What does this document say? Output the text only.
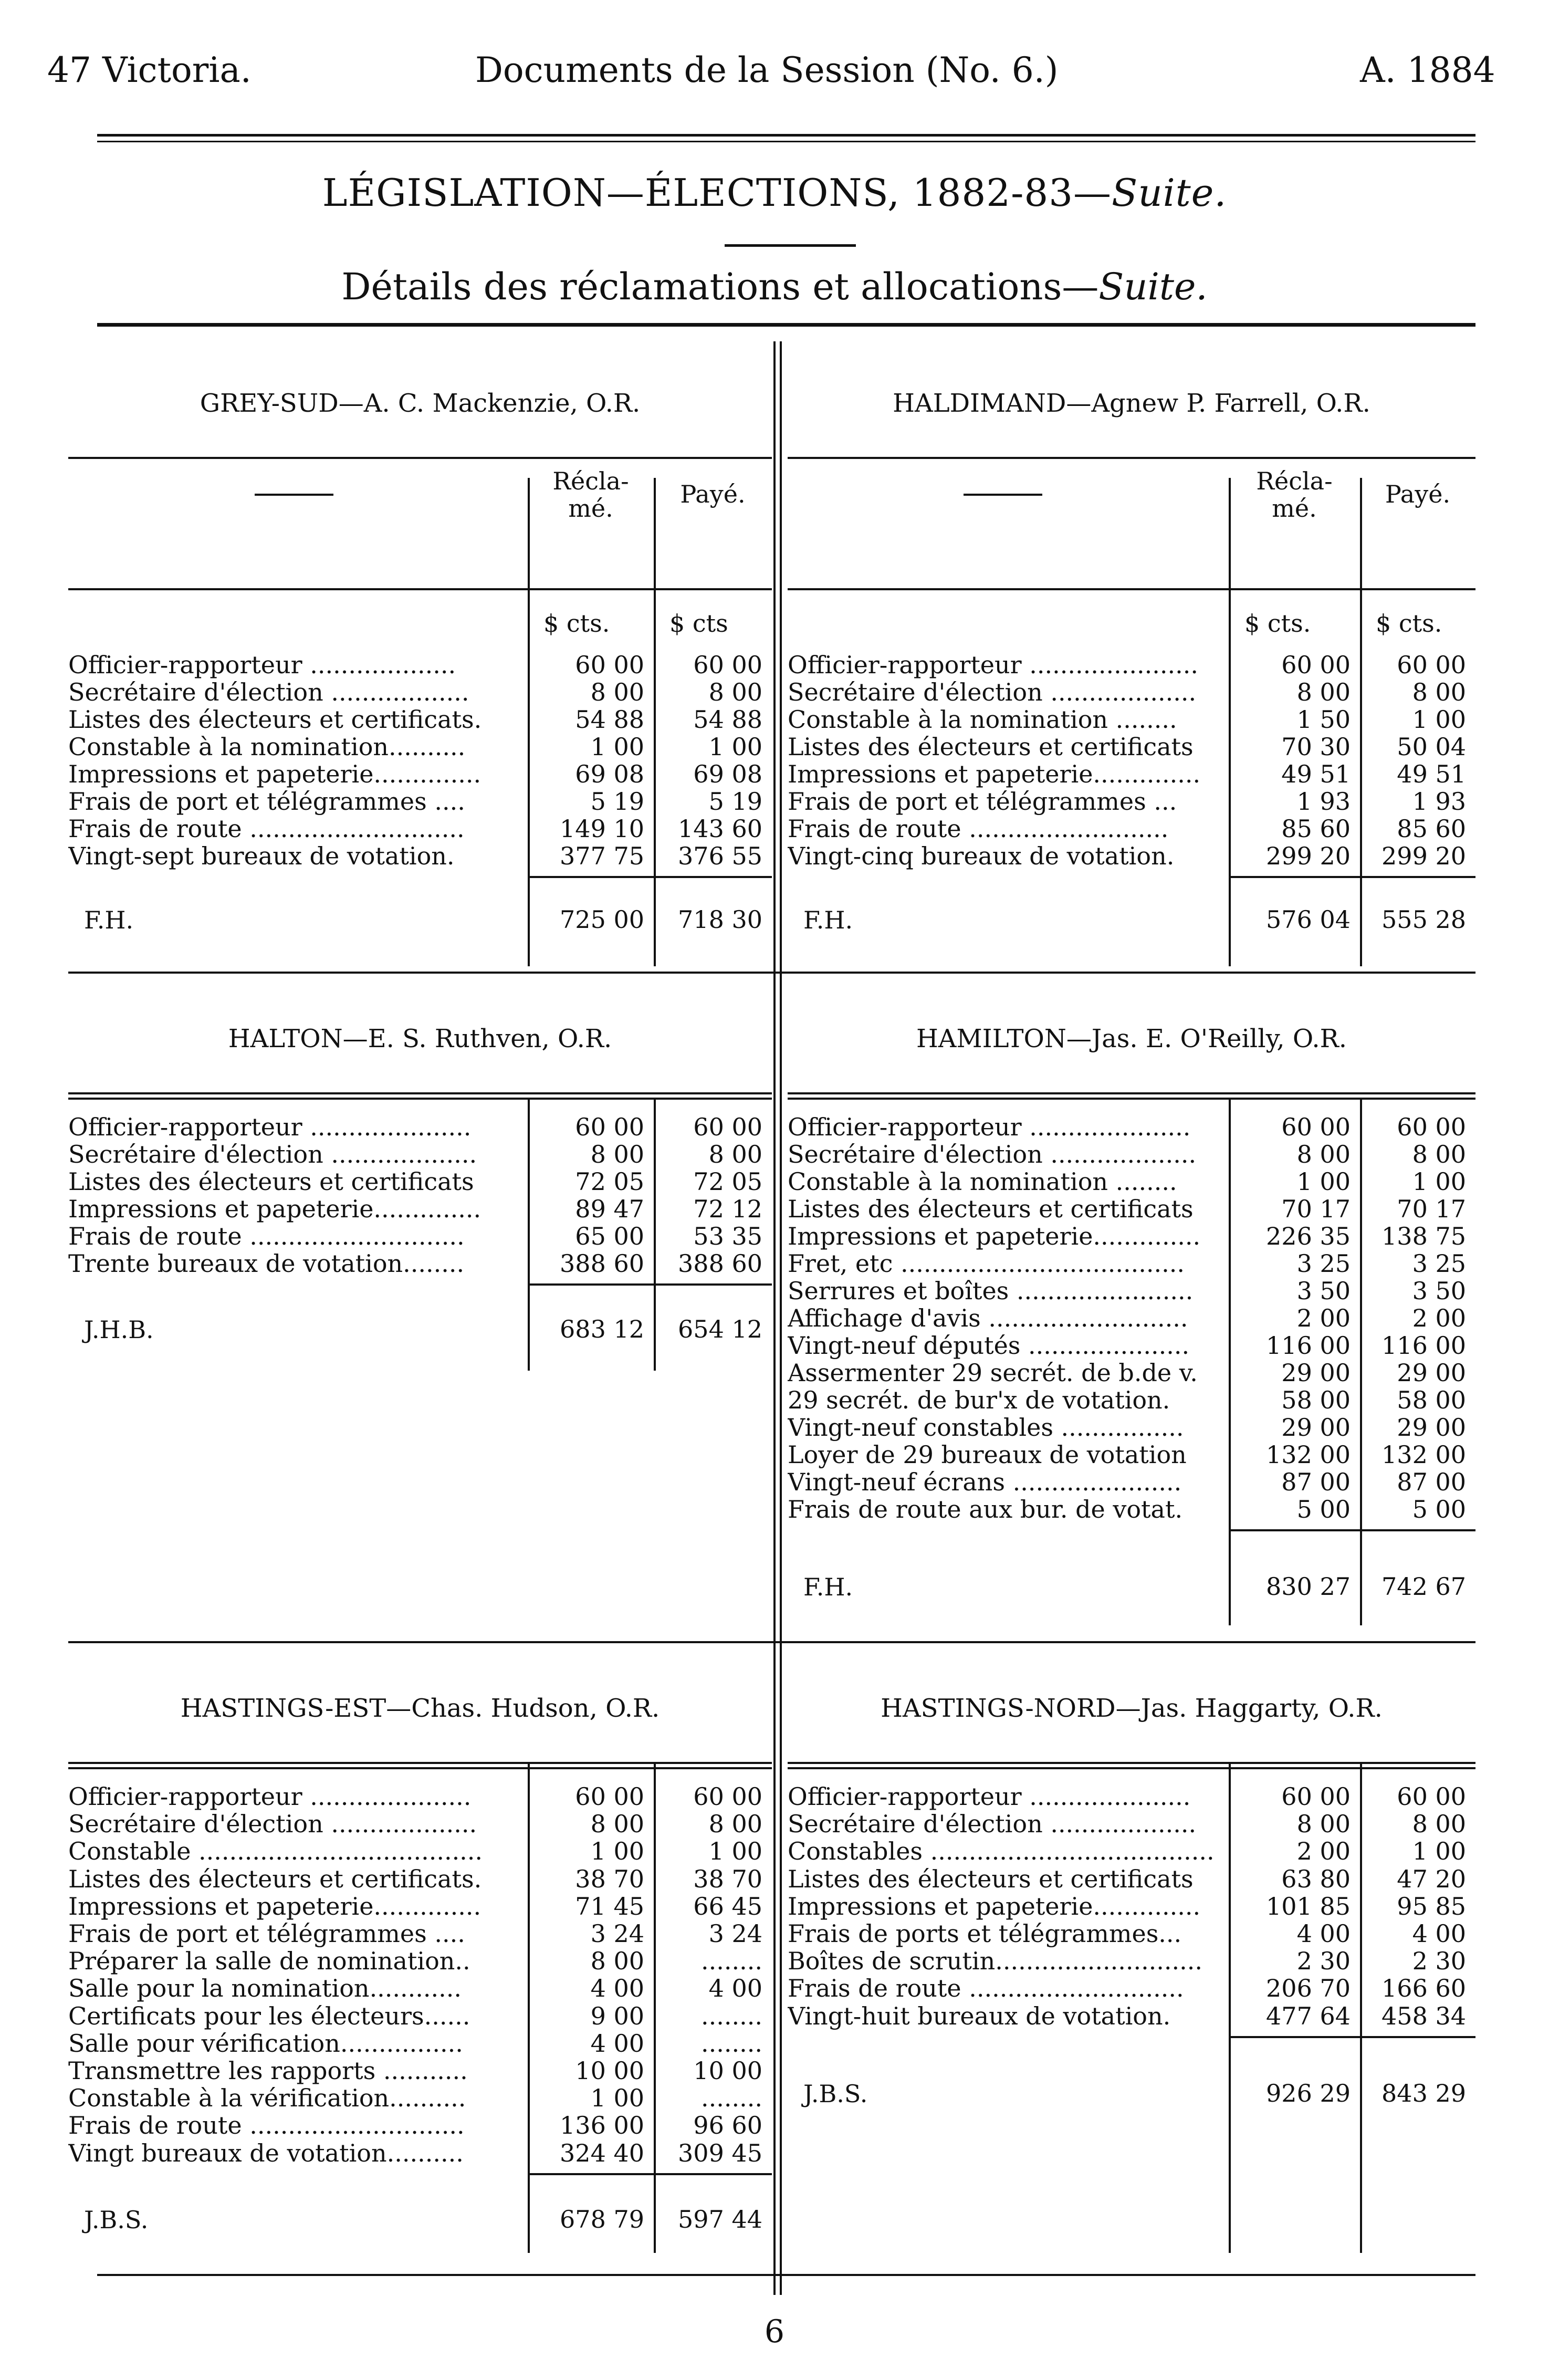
47 Victoria.	Documents de la Session (No. 6.)	A. 1884
LÉGISLATION—ÉLECTIONS, 1882-83—Suite.
Détails des réclamations et allocations—Suite.
GREY-SUD—A. C. Mackenzie, O.R.
Récla-
mé.	Payé.
$ cts. $ cts
Officier-rapporteur ...................	60 00	60 00
Secrétaire d'élection ..................	8 00	8 00
Listes des électeurs et certificats.	54 88	54 88
Constable à la nomination..........	1 00	1 00
Impressions et papeterie..............	69 08	69 08
Frais de port et télégrammes ....	5 19	5 19
Frais de route ............................	149 10	143 60
Vingt-sept bureaux de votation.	377 75	376 55
F.H.	725 00	718 30
HALDIMAND—Agnew P. Farrell, O.R.
Récla-
mé.	Payé.
$ cts.	$ cts.
Officier-rapporteur ......................	60 00	60 00
Secrétaire d'élection ...................	8 00	8 00
Constable à la nomination ........	1 50	1 00
Listes des électeurs et certificats	70 30	50 04
Impressions et papeterie..............	49 51	49 51
Frais de port et télégrammes ...	1 93	1 93
Frais de route ..........................	85 60	85 60
Vingt-cinq bureaux de votation.	299 20	299 20
F.H.	576 04	555 28
HALTON—E. S. Ruthven, O.R.
Officier-rapporteur .....................	60 00	60 00
Secrétaire d'élection ...................	8 00	8 00
Listes des électeurs et certificats	72 05	72 05
Impressions et papeterie..............	89 47	72 12
Frais de route ............................	65 00	53 35
Trente bureaux de votation........	388 60	388 60
J.H.B.	683 12	654 12
HAMILTON—Jas. E. O'Reilly, O.R.
Officier-rapporteur .....................	60 00	60 00
Secrétaire d'élection ...................	8 00	8 00
Constable à la nomination ........	1 00	1 00
Listes des électeurs et certificats	70 17	70 17
Impressions et papeterie..............	226 35	138 75
Fret, etc .....................................	3 25	3 25
Serrures et boîtes .......................	3 50	3 50
Affichage d'avis ..........................	2 00	2 00
Vingt-neuf députés .....................	116 00	116 00
Assermenter 29 secrét. de b.de v.	29 00	29 00
29 secrét. de bur'x de votation.	58 00	58 00
Vingt-neuf constables ................	29 00	29 00
Loyer de 29 bureaux de votation	132 00	132 00
Vingt-neuf écrans ......................	87 00	87 00
Frais de route aux bur. de votat.	5 00	5 00
F.H.	830 27	742 67
HASTINGS-EST—Chas. Hudson, O.R.
Officier-rapporteur .....................	60 00	60 00
Secrétaire d'élection ...................	8 00	8 00
Constable .....................................	1 00	1 00
Listes des électeurs et certificats.	38 70	38 70
Impressions et papeterie..............	71 45	66 45
Frais de port et télégrammes ....	3 24	3 24
Préparer la salle de nomination..	8 00	........
Salle pour la nomination............	4 00	4 00
Certificats pour les électeurs......	9 00	........
Salle pour vérification................	4 00	........
Transmettre les rapports ...........	10 00	10 00
Constable à la vérification..........	1 00	........
Frais de route ............................	136 00	96 60
Vingt bureaux de votation..........	324 40	309 45
J.B.S.	678 79	597 44
HASTINGS-NORD—Jas. Haggarty, O.R.
Officier-rapporteur .....................	60 00	60 00
Secrétaire d'élection ...................	8 00	8 00
Constables .....................................	2 00	1 00
Listes des électeurs et certificats	63 80	47 20
Impressions et papeterie..............	101 85	95 85
Frais de ports et télégrammes...	4 00	4 00
Boîtes de scrutin...........................	2 30	2 30
Frais de route ............................	206 70	166 60
Vingt-huit bureaux de votation.	477 64	458 34
J.B.S.	926 29	843 29
6
